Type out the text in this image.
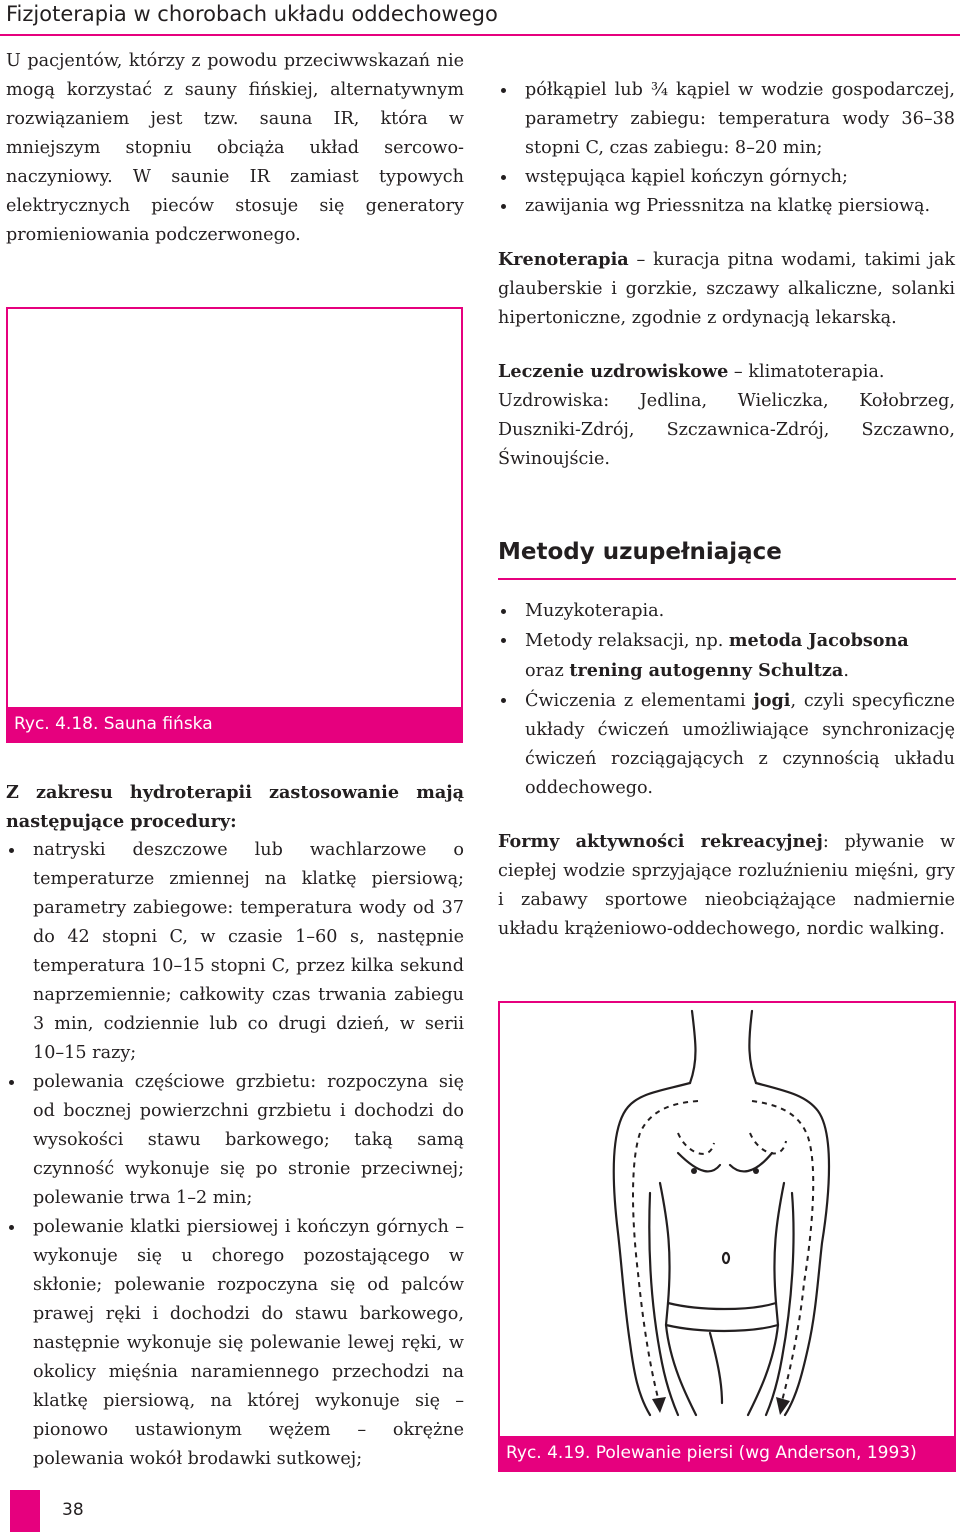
Fizjoterapia w chorobach układu oddechowego

U pacjentów, którzy z powodu przeciwwskazań nie mogą korzystać z sauny fińskiej, alternatywnym rozwiązaniem jest tzw. sauna IR, która w mniejszym stopniu obciąża układ sercowo-naczyniowy. W saunie IR zamiast typowych elektrycznych pieców stosuje się generatory promieniowania podczerwonego.

Ryc. 4.18. Sauna fińska

Z zakresu hydroterapii zastosowanie mają następujące procedury:

natryski deszczowe lub wachlarzowe o temperaturze zmiennej na klatkę piersiową; parametry zabiegowe: temperatura wody od 37 do 42 stopni C, w czasie 1–60 s, następnie temperatura 10–15 stopni C, przez kilka sekund naprzemiennie; całkowity czas trwania zabiegu 3 min, codziennie lub co drugi dzień, w serii 10–15 razy;
polewania częściowe grzbietu: rozpoczyna się od bocznej powierzchni grzbietu i dochodzi do wysokości stawu barkowego; taką samą czynność wykonuje się po stronie przeciwnej; polewanie trwa 1–2 min;
polewanie klatki piersiowej i kończyn górnych – wykonuje się u chorego pozostającego w skłonie; polewanie rozpoczyna się od palców prawej ręki i dochodzi do stawu barkowego, następnie wykonuje się polewanie lewej ręki, w okolicy mięśnia naramiennego przechodzi na klatkę piersiową, na której wykonuje się – pionowo ustawionym wężem – okrężne polewania wokół brodawki sutkowej;
półkąpiel lub ¾ kąpiel w wodzie gospodarczej, parametry zabiegu: temperatura wody 36–38 stopni C, czas zabiegu: 8–20 min;
wstępująca kąpiel kończyn górnych;
zawijania wg Priessnitza na klatkę piersiową.

Krenoterapia – kuracja pitna wodami, takimi jak glauberskie i gorzkie, szczawy alkaliczne, solanki hipertoniczne, zgodnie z ordynacją lekarską.

Leczenie uzdrowiskowe – klimatoterapia.
Uzdrowiska: Jedlina, Wieliczka, Kołobrzeg, Duszniki-Zdrój, Szczawnica-Zdrój, Szczawno, Świnoujście.

Metody uzupełniające
Muzykoterapia.
Metody relaksacji, np. metoda Jacobsona
oraz trening autogenny Schultza.
Ćwiczenia z elementami jogi, czyli specyficzne układy ćwiczeń umożliwiające synchronizację ćwiczeń rozciągających z czynnością układu oddechowego.

Formy aktywności rekreacyjnej: pływanie w ciepłej wodzie sprzyjające rozluźnieniu mięśni, gry i zabawy sportowe nieobciążające nadmiernie układu krążeniowo-oddechowego, nordic walking.

Ryc. 4.19. Polewanie piersi (wg Anderson, 1993)
38
